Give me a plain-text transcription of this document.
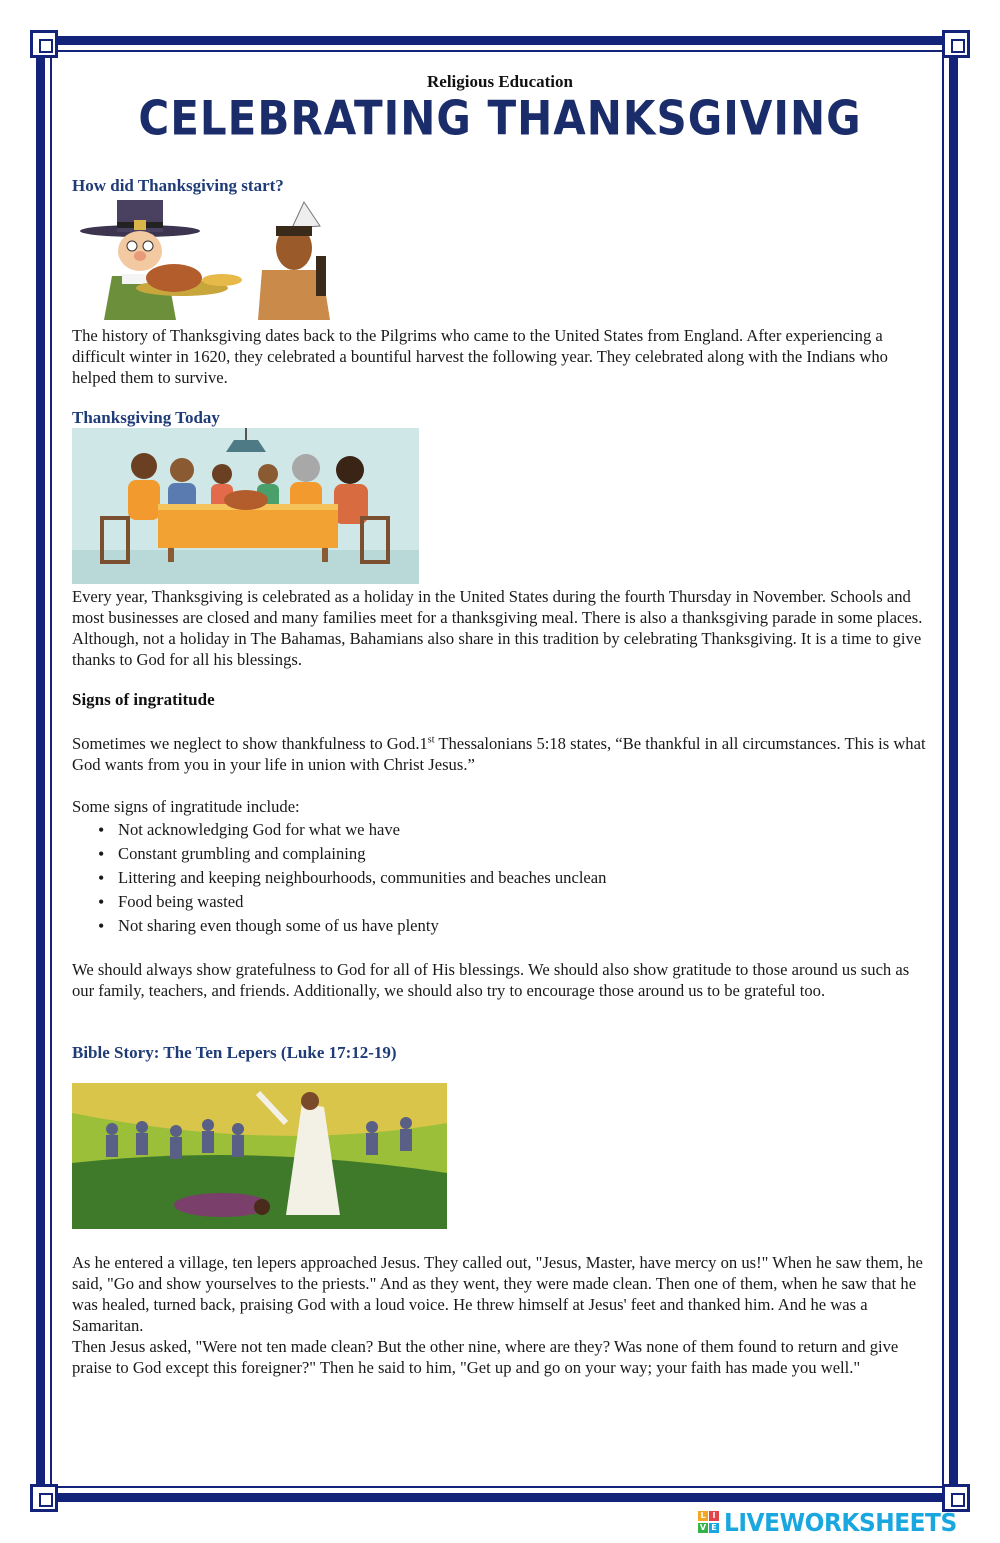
Religious Education
CELEBRATING THANKSGIVING
How did Thanksgiving start?

The history of Thanksgiving dates back to the Pilgrims who came to the United States from England. After experiencing a difficult winter in 1620, they celebrated a bountiful harvest the following year. They celebrated along with the Indians who helped them to survive.

Thanksgiving Today

Every year, Thanksgiving is celebrated as a holiday in the United States during the fourth Thursday in November. Schools and most businesses are closed and many families meet for a thanksgiving meal. There is also a thanksgiving parade in some places. Although, not a holiday in The Bahamas, Bahamians also share in this tradition by celebrating Thanksgiving. It is a time to give thanks to God for all his blessings.

Signs of ingratitude

Sometimes we neglect to show thankfulness to God.1st Thessalonians 5:18 states, “Be thankful in all circumstances. This is what God wants from you in your life in union with Christ Jesus.”

Some signs of ingratitude include:

• Not acknowledging God for what we have
• Constant grumbling and complaining
• Littering and keeping neighbourhoods, communities and beaches unclean
• Food being wasted
• Not sharing even though some of us have plenty

We should always show gratefulness to God for all of His blessings. We should also show gratitude to those around us such as our family, teachers, and friends. Additionally, we should also try to encourage those around us to be grateful too.

Bible Story: The Ten Lepers (Luke 17:12-19)

As he entered a village, ten lepers approached Jesus. They called out, "Jesus, Master, have mercy on us!" When he saw them, he said, "Go and show yourselves to the priests." And as they went, they were made clean. Then one of them, when he saw that he was healed, turned back, praising God with a loud voice. He threw himself at Jesus' feet and thanked him. And he was a Samaritan.

Then Jesus asked, "Were not ten made clean? But the other nine, where are they? Was none of them found to return and give praise to God except this foreigner?" Then he said to him, "Get up and go on your way; your faith has made you well."

L I
V E LIVEWORKSHEETS
